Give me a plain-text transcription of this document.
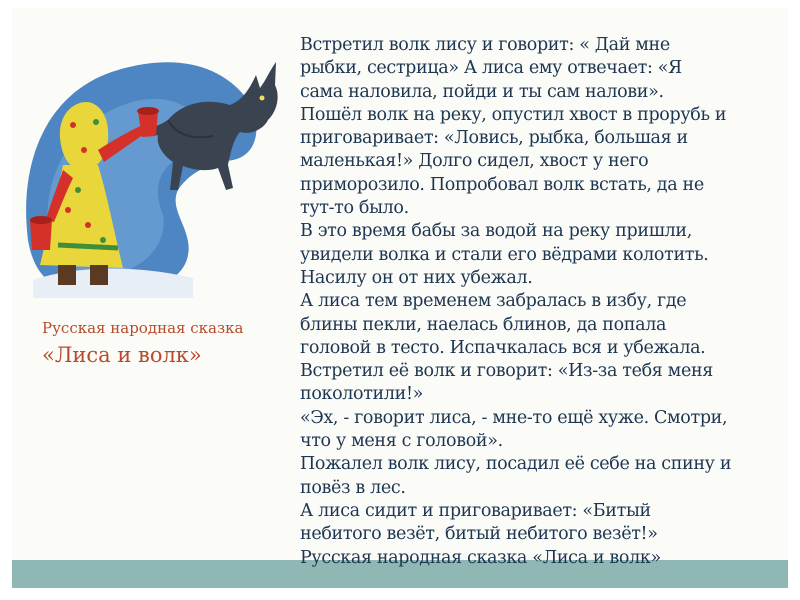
Русская народная сказка
«Лиса и волк»

Встретил волк лису и говорит: « Дай мне

рыбки, сестрица» А лиса ему отвечает: «Я

сама наловила, пойди и ты сам налови».

Пошёл волк на реку, опустил хвост в прорубь и

приговаривает: «Ловись, рыбка, большая и

маленькая!» Долго сидел, хвост у него

приморозило. Попробовал волк встать, да не

тут-то было.

В это время бабы за водой на реку пришли,

увидели волка и стали его вёдрами колотить.

Насилу он от них убежал.

А лиса тем временем забралась в избу, где

блины пекли, наелась блинов, да попала

головой в тесто. Испачкалась вся и убежала.

Встретил её волк и говорит: «Из-за тебя меня

поколотили!»

«Эх, - говорит лиса, - мне-то ещё хуже. Смотри,

что у меня с головой».

Пожалел волк лису, посадил её себе на спину и

повёз в лес.

А лиса сидит и приговаривает: «Битый

небитого везёт, битый небитого везёт!»

Русская народная сказка «Лиса и волк»
